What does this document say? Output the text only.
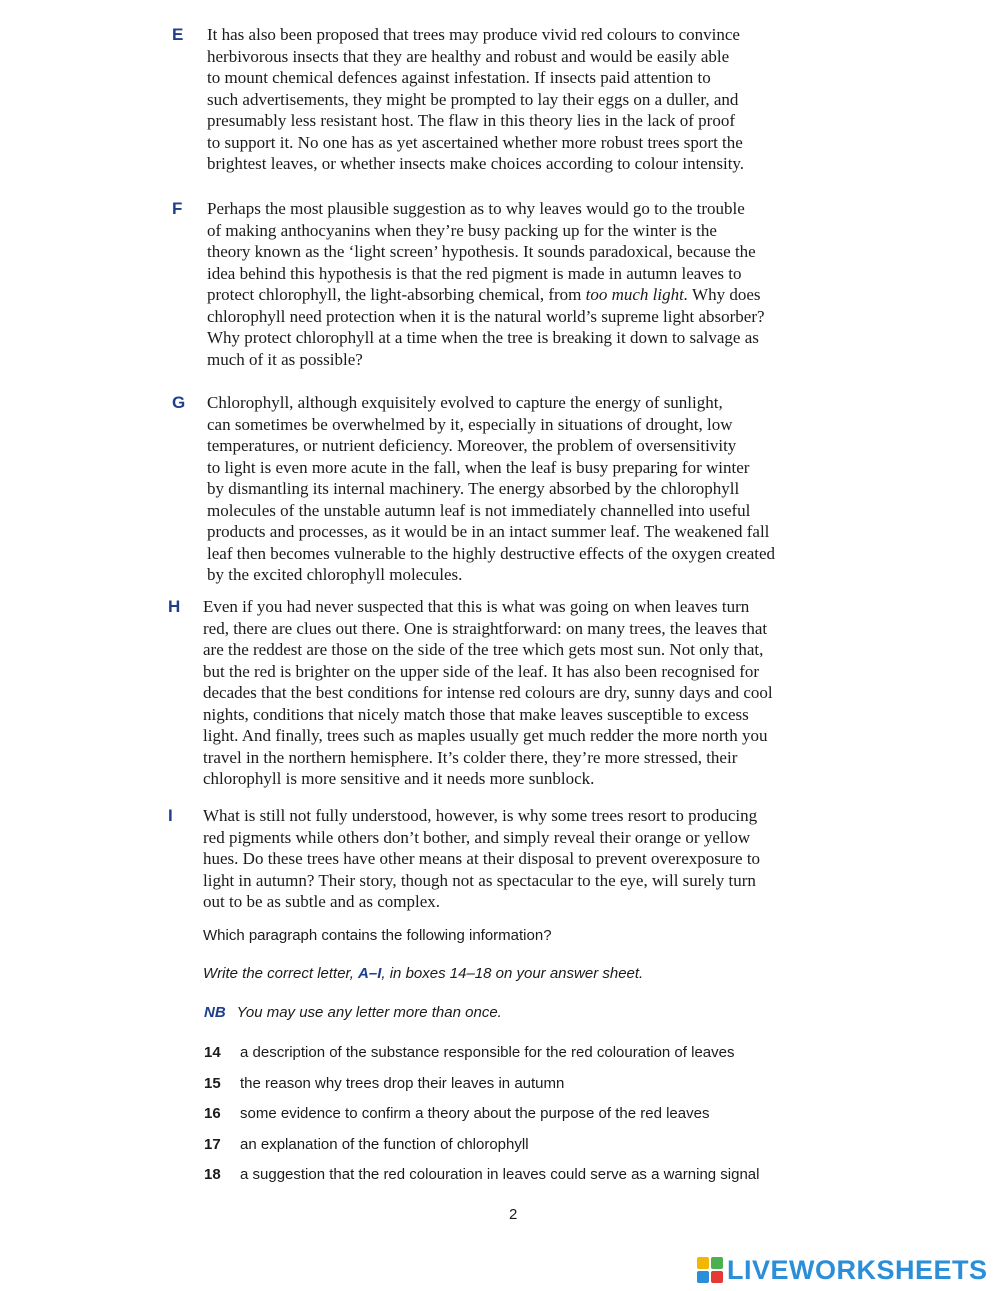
E It has also been proposed that trees may produce vivid red colours to convince
herbivorous insects that they are healthy and robust and would be easily able
to mount chemical defences against infestation. If insects paid attention to
such advertisements, they might be prompted to lay their eggs on a duller, and
presumably less resistant host. The flaw in this theory lies in the lack of proof
to support it. No one has as yet ascertained whether more robust trees sport the
brightest leaves, or whether insects make choices according to colour intensity.
F Perhaps the most plausible suggestion as to why leaves would go to the trouble
of making anthocyanins when they’re busy packing up for the winter is the
theory known as the ‘light screen’ hypothesis. It sounds paradoxical, because the
idea behind this hypothesis is that the red pigment is made in autumn leaves to
protect chlorophyll, the light-absorbing chemical, from too much light. Why does
chlorophyll need protection when it is the natural world’s supreme light absorber?
Why protect chlorophyll at a time when the tree is breaking it down to salvage as
much of it as possible?
G Chlorophyll, although exquisitely evolved to capture the energy of sunlight,
can sometimes be overwhelmed by it, especially in situations of drought, low
temperatures, or nutrient deficiency. Moreover, the problem of oversensitivity
to light is even more acute in the fall, when the leaf is busy preparing for winter
by dismantling its internal machinery. The energy absorbed by the chlorophyll
molecules of the unstable autumn leaf is not immediately channelled into useful
products and processes, as it would be in an intact summer leaf. The weakened fall
leaf then becomes vulnerable to the highly destructive effects of the oxygen created
by the excited chlorophyll molecules.
H Even if you had never suspected that this is what was going on when leaves turn
red, there are clues out there. One is straightforward: on many trees, the leaves that
are the reddest are those on the side of the tree which gets most sun. Not only that,
but the red is brighter on the upper side of the leaf. It has also been recognised for
decades that the best conditions for intense red colours are dry, sunny days and cool
nights, conditions that nicely match those that make leaves susceptible to excess
light. And finally, trees such as maples usually get much redder the more north you
travel in the northern hemisphere. It’s colder there, they’re more stressed, their
chlorophyll is more sensitive and it needs more sunblock.
I What is still not fully understood, however, is why some trees resort to producing
red pigments while others don’t bother, and simply reveal their orange or yellow
hues. Do these trees have other means at their disposal to prevent overexposure to
light in autumn? Their story, though not as spectacular to the eye, will surely turn
out to be as subtle and as complex.
Which paragraph contains the following information?
Write the correct letter, A–I, in boxes 14–18 on your answer sheet.
NB You may use any letter more than once.
14 a description of the substance responsible for the red colouration of leaves
15 the reason why trees drop their leaves in autumn
16 some evidence to confirm a theory about the purpose of the red leaves
17 an explanation of the function of chlorophyll
18 a suggestion that the red colouration in leaves could serve as a warning signal
2
LIVEWORKSHEETS
